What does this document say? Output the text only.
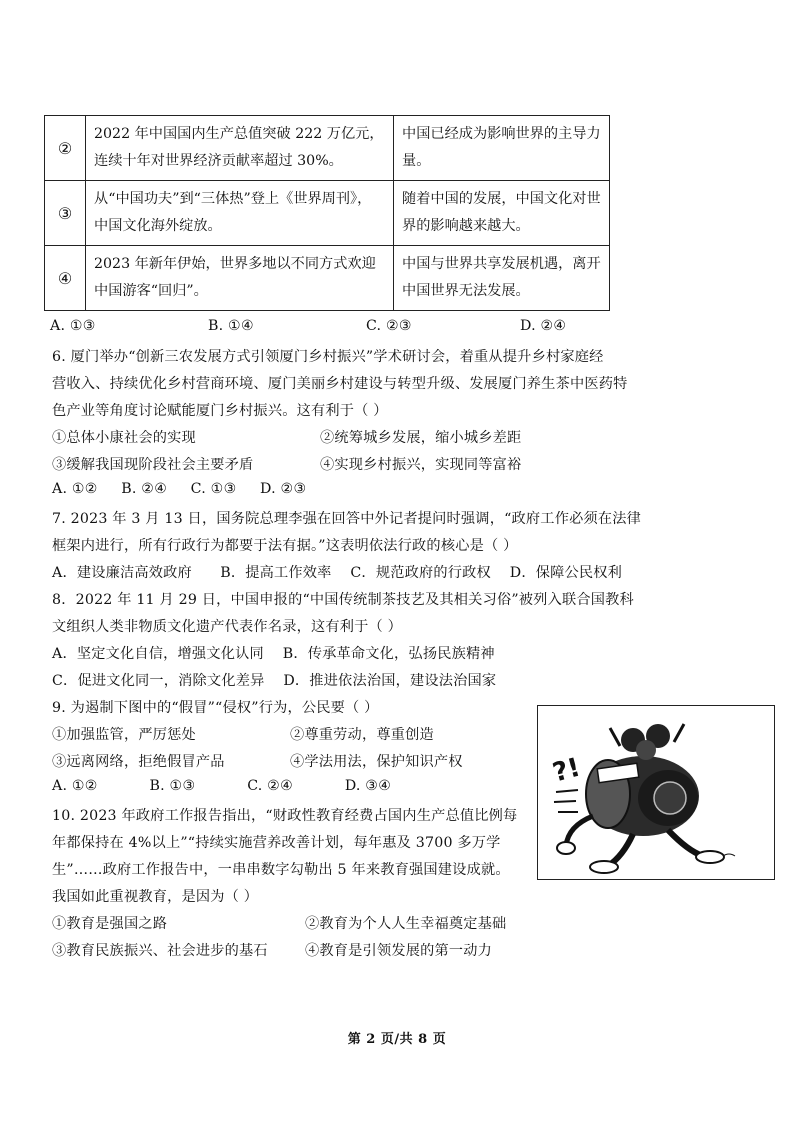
②	2022 年中国国内生产总值突破 222 万亿元，连续十年对世界经济贡献率超过 30%。	中国已经成为影响世界的主导力量。
③	从“中国功夫”到“三体热”登上《世界周刊》，中国文化海外绽放。	随着中国的发展，中国文化对世界的影响越来越大。
④	2023 年新年伊始，世界多地以不同方式欢迎中国游客“回归”。	中国与世界共享发展机遇，离开中国世界无法发展。
A. ①③	B. ①④	C. ②③	D. ②④
6. 厦门举办“创新三农发展方式引领厦门乡村振兴”学术研讨会，着重从提升乡村家庭经
营收入、持续优化乡村营商环境、厦门美丽乡村建设与转型升级、发展厦门养生茶中医药特
色产业等角度讨论赋能厦门乡村振兴。这有利于（ ）
①总体小康社会的实现	②统筹城乡发展，缩小城乡差距
③缓解我国现阶段社会主要矛盾	④实现乡村振兴，实现同等富裕
A. ①②     B. ②④     C. ①③     D. ②③
7. 2023 年 3 月 13 日，国务院总理李强在回答中外记者提问时强调，“政府工作必须在法律
框架内进行，所有行政行为都要于法有据。”这表明依法行政的核心是（ ）
A．建设廉洁高效政府      B．提高工作效率    C．规范政府的行政权    D．保障公民权利
8．2022 年 11 月 29 日，中国申报的“中国传统制茶技艺及其相关习俗”被列入联合国教科
文组织人类非物质文化遗产代表作名录，这有利于（ ）
A．坚定文化自信，增强文化认同    B．传承革命文化，弘扬民族精神
C．促进文化同一，消除文化差异    D．推进依法治国，建设法治国家
9. 为遏制下图中的“假冒”“侵权”行为，公民要（ ）
①加强监管，严厉惩处	②尊重劳动，尊重创造
③远离网络，拒绝假冒产品	④学法用法，保护知识产权
A. ①②           B. ①③           C. ②④           D. ③④	?!
10. 2023 年政府工作报告指出，“财政性教育经费占国内生产总值比例每
年都保持在 4%以上”“持续实施营养改善计划，每年惠及 3700 多万学
生”……政府工作报告中，一串串数字勾勒出 5 年来教育强国建设成就。
我国如此重视教育，是因为（ ）
①教育是强国之路	②教育为个人人生幸福奠定基础
③教育民族振兴、社会进步的基石	④教育是引领发展的第一动力
第 2 页/共 8 页
